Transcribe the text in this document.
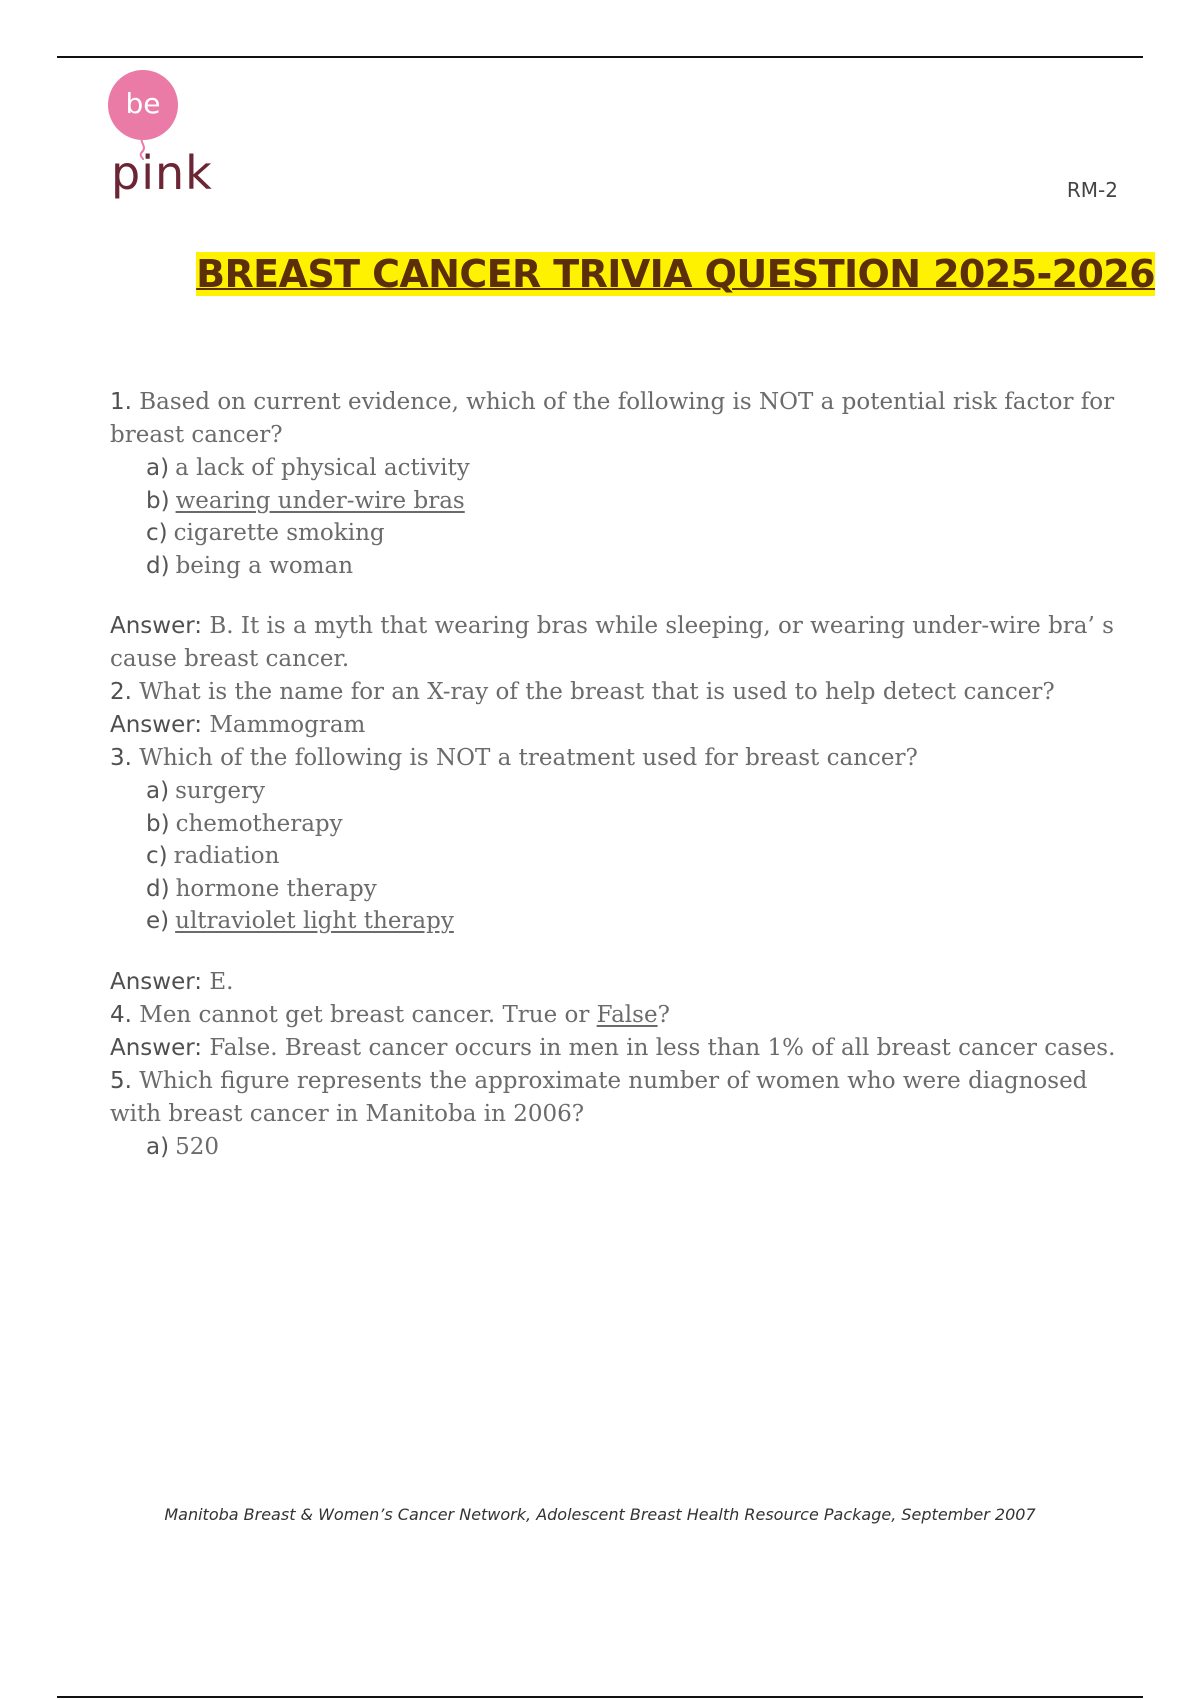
be
pink	RM-2
BREAST CANCER TRIVIA QUESTION 2025-2026

1. Based on current evidence, which of the following is NOT a potential risk factor for breast cancer?

a) a lack of physical activity
b) wearing under-wire bras
c) cigarette smoking
d) being a woman

Answer: B. It is a myth that wearing bras while sleeping, or wearing under-wire bra’ s cause breast cancer.

2. What is the name for an X-ray of the breast that is used to help detect cancer?

Answer: Mammogram

3. Which of the following is NOT a treatment used for breast cancer?

a) surgery
b) chemotherapy
c) radiation
d) hormone therapy
e) ultraviolet light therapy

Answer: E.

4. Men cannot get breast cancer. True or False?

Answer: False. Breast cancer occurs in men in less than 1% of all breast cancer cases.

5. Which figure represents the approximate number of women who were diagnosed with breast cancer in Manitoba in 2006?

a) 520
Manitoba Breast & Women’s Cancer Network, Adolescent Breast Health Resource Package, September 2007
